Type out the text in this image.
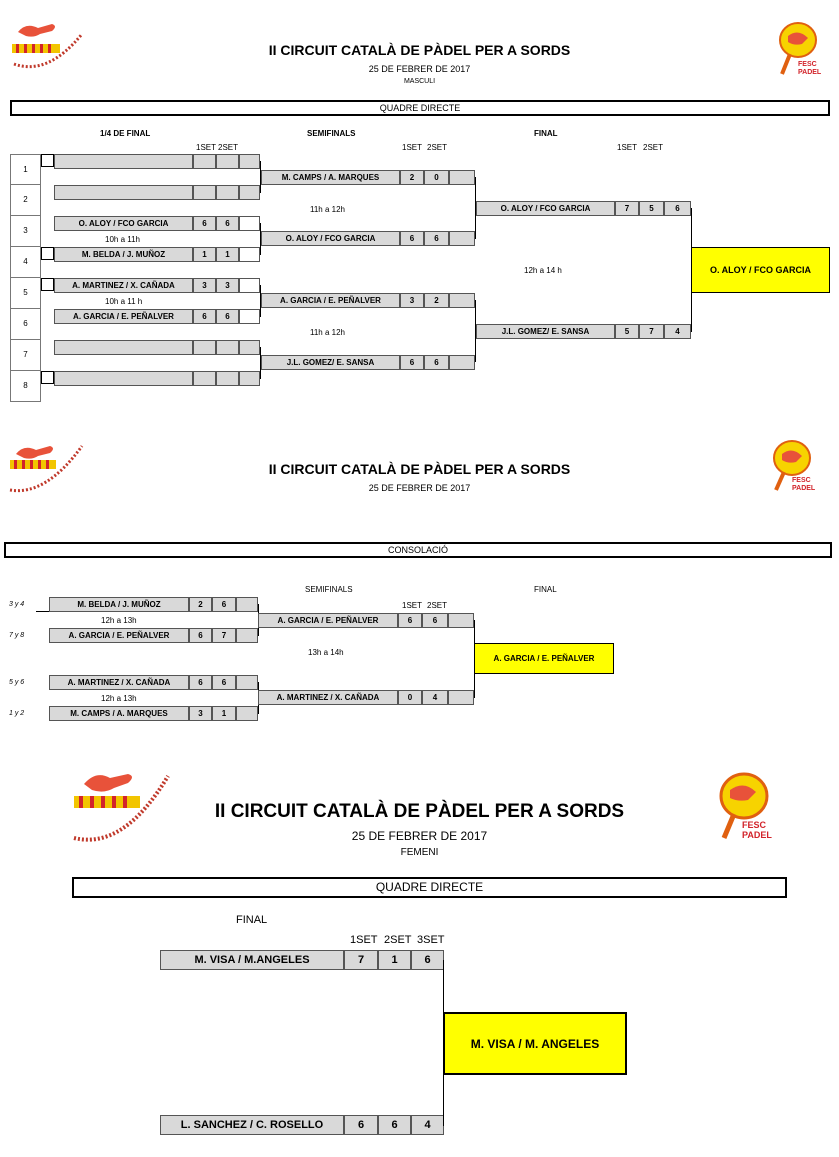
FESC
PADEL
II CIRCUIT CATALÀ DE PÀDEL PER A SORDS
25 DE FEBRER DE 2017
MASCULI
QUADRE DIRECTE
1/4 DE FINAL	SEMIFINALS	FINAL
1SET 2SET	1SET 2SET	1SET 2SET
1
2
3
4
5
6
7
8
O. ALOY / FCO GARCIA	6	6
10h a 11h
M. BELDA / J. MUÑOZ	1	1
A. MARTINEZ / X. CAÑADA	3	3
10h a 11 h
A. GARCIA / E. PEÑALVER	6	6
M. CAMPS / A. MARQUES	2	0
11h a 12h
O. ALOY / FCO GARCIA	6	6
A. GARCIA / E. PEÑALVER	3	2
11h a 12h
J.L. GOMEZ/ E. SANSA	6	6
O. ALOY / FCO GARCIA	7	5	6
12h a 14 h
J.L. GOMEZ/ E. SANSA	5	7	4
O. ALOY / FCO GARCIA
FESC
PADEL
II CIRCUIT CATALÀ DE PÀDEL PER A SORDS
25 DE FEBRER DE 2017
CONSOLACIÓ
SEMIFINALS	FINAL
1SET 2SET
3 y 4
7 y 8
5 y 6
1 y 2
M. BELDA / J. MUÑOZ	2	6
12h a 13h
A. GARCIA / E. PEÑALVER	6	7
A. MARTINEZ / X. CAÑADA	6	6
12h a 13h
M. CAMPS / A. MARQUES	3	1
A. GARCIA / E. PEÑALVER	6	6
13h a 14h
A. MARTINEZ / X. CAÑADA	0	4
A. GARCIA / E. PEÑALVER
FESC
PADEL
II CIRCUIT CATALÀ DE PÀDEL PER A SORDS
25 DE FEBRER DE 2017
FEMENI
QUADRE DIRECTE
FINAL
1SET 2SET 3SET
M. VISA / M.ANGELES	7	1	6
L. SANCHEZ / C. ROSELLO	6	6	4
M. VISA / M. ANGELES
